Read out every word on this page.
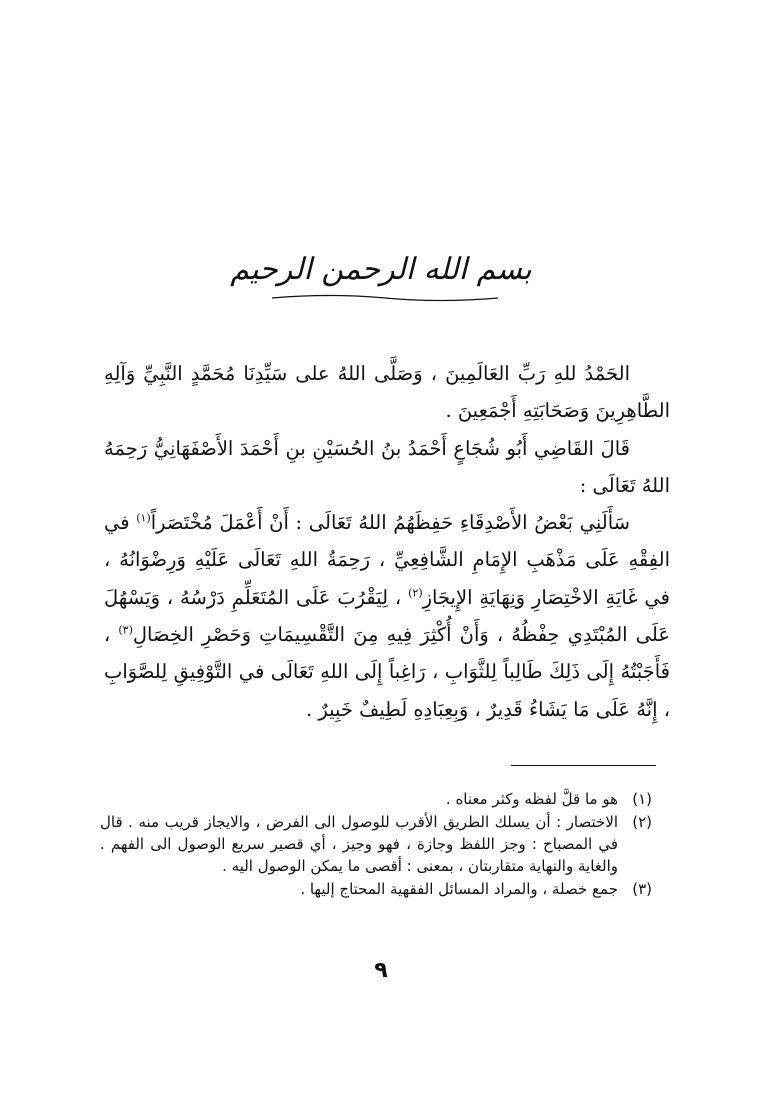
بسم الله الرحمن الرحيم

الحَمْدُ للهِ رَبِّ العَالَمِينَ ، وَصَلَّى اللهُ على سَيِّدِنَا مُحَمَّدٍ النَّبِيِّ وَآلِهِ الطَّاهِرِينَ وَصَحَابَتِهِ أَجْمَعِينَ .

قَالَ القَاضِي أَبُو شُجَاعٍ أَحْمَدُ بنُ الحُسَيْنِ بنِ أَحْمَدَ الأَصْفَهَانِيُّ رَحِمَهُ اللهُ تَعَالَى :

سَأَلَنِي بَعْضُ الأَصْدِقَاءِ حَفِظَهُمُ اللهُ تَعَالَى : أَنْ أَعْمَلَ مُخْتَصَراً$^{(١)}$ في الفِقْهِ عَلَى مَذْهَبِ الإِمَامِ الشَّافِعِيِّ ، رَحِمَةُ اللهِ تَعَالَى عَلَيْهِ وَرِضْوَانُهُ ، في غَايَةِ الاخْتِصَارِ وَنِهَايَةِ الإِيجَازِ$^{(٢)}$ ، لِيَقْرُبَ عَلَى المُتَعَلِّمِ دَرْسُهُ ، وَيَسْهُلَ عَلَى المُبْتَدِي حِفْظُهُ ، وَأَنْ أُكْثِرَ فِيهِ مِنَ التَّقْسِيمَاتِ وَحَصْرِ الخِصَالِ$^{(٣)}$ ، فَأَجَبْتُهُ إِلَى ذَلِكَ طَالِباً لِلثَّوَابِ ، رَاغِباً إِلَى اللهِ تَعَالَى في التَّوْفِيقِ لِلصَّوَابِ ، إِنَّهُ عَلَى مَا يَشَاءُ قَدِيرٌ ، وَبِعِبَادِهِ لَطِيفٌ خَبِيرٌ .

(١)
هو ما قلَّ لفظه وكثر معناه .
(٢)
الاختصار : أن يسلك الطريق الأقرب للوصول الى الفرض ، والايجاز قريب منه . قال في المصباح : وجز اللفظ وجازة ، فهو وجيز ، أي قصير سريع الوصول الى الفهم . والغاية والنهاية متقاربتان ، بمعنى : أقصى ما يمكن الوصول اليه .
(٣)
جمع خصلة ، والمراد المسائل الفقهية المحتاج إليها .
٩
